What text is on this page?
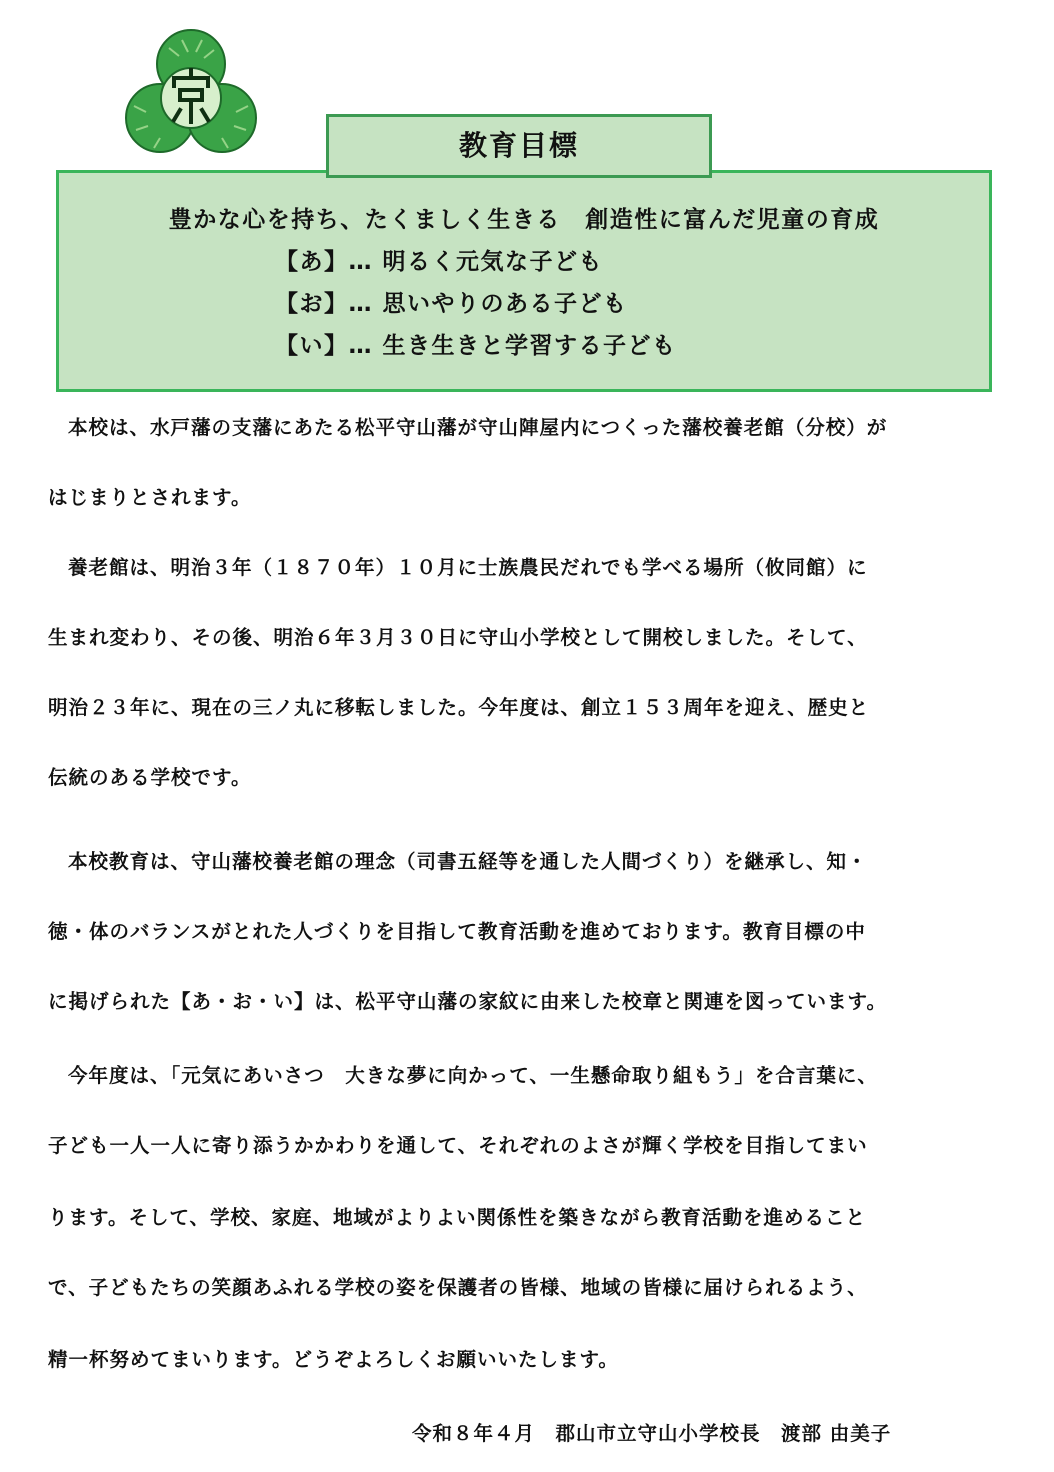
教育目標
豊かな心を持ち、たくましく生きる　創造性に富んだ児童の育成
【あ】… 明るく元気な子ども
【お】… 思いやりのある子ども
【い】… 生き生きと学習する子ども
本校は、水戸藩の支藩にあたる松平守山藩が守山陣屋内につくった藩校養老館（分校）が
はじまりとされます。
養老館は、明治３年（１８７０年）１０月に士族農民だれでも学べる場所（攸同館）に
生まれ変わり、その後、明治６年３月３０日に守山小学校として開校しました。そして、
明治２３年に、現在の三ノ丸に移転しました。今年度は、創立１５３周年を迎え、歴史と
伝統のある学校です。
本校教育は、守山藩校養老館の理念（司書五経等を通した人間づくり）を継承し、知・
徳・体のバランスがとれた人づくりを目指して教育活動を進めております。教育目標の中
に掲げられた【あ・お・い】は、松平守山藩の家紋に由来した校章と関連を図っています。
今年度は、「元気にあいさつ　大きな夢に向かって、一生懸命取り組もう」を合言葉に、
子ども一人一人に寄り添うかかわりを通して、それぞれのよさが輝く学校を目指してまい
ります。そして、学校、家庭、地域がよりよい関係性を築きながら教育活動を進めること
で、子どもたちの笑顔あふれる学校の姿を保護者の皆様、地域の皆様に届けられるよう、
精一杯努めてまいります。どうぞよろしくお願いいたします。
令和８年４月　郡山市立守山小学校長　渡部 由美子
